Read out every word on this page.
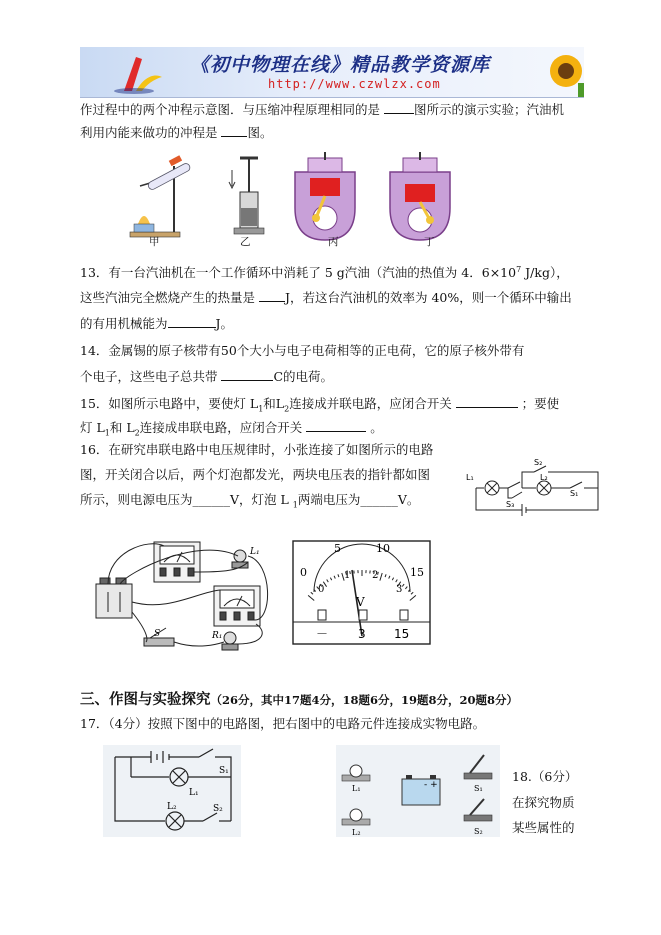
《初中物理在线》精品教学资源库
http://www.czwlzx.com
作过程中的两个冲程示意图．与压缩冲程原理相同的是 图所示的演示实验；汽油机
利用内能来做功的冲程是 图。
甲	乙	丙	丁
13．有一台汽油机在一个工作循环中消耗了 5 g汽油（汽油的热值为 4．$6\times 10^7$ J/kg），
这些汽油完全燃烧产生的热量是 J，若这台汽油机的效率为 40%，则一个循环中输出
的有用机械能为	J。
14．金属锡的原子核带有50个大小与电子电荷相等的正电荷，它的原子核外带有
个电子，这些电子总共带	C的电荷。
15．如图所示电路中，要使灯 $L_1$和$L_2$连接成并联电路，应闭合开关	；要使
灯 $L_1$和 $L_2$连接成串联电路，应闭合开关	。
16．在研究串联电路中电压规律时，小张连接了如图所示的电路
图，开关闭合以后，两个灯泡都发光，两块电压表的指针都如图
所示，则电源电压为______V，灯泡 L $_1$两端电压为______V。
L₁	L₂
S₂
S₁
S₃
L₁
S	R₁
0
5	10
15
0
1 2
3
V
－ 3 15
三、作图与实验探究（26分，其中17题4分，18题6分，19题8分，20题8分）
17．（4分）按照下图中的电路图，把右图中的电路元件连接成实物电路。
S₁
S₂
L₁
L₂
- +
L₁
L₂
S₁
S₂
18.（6分）
在探究物质
某些属性的
